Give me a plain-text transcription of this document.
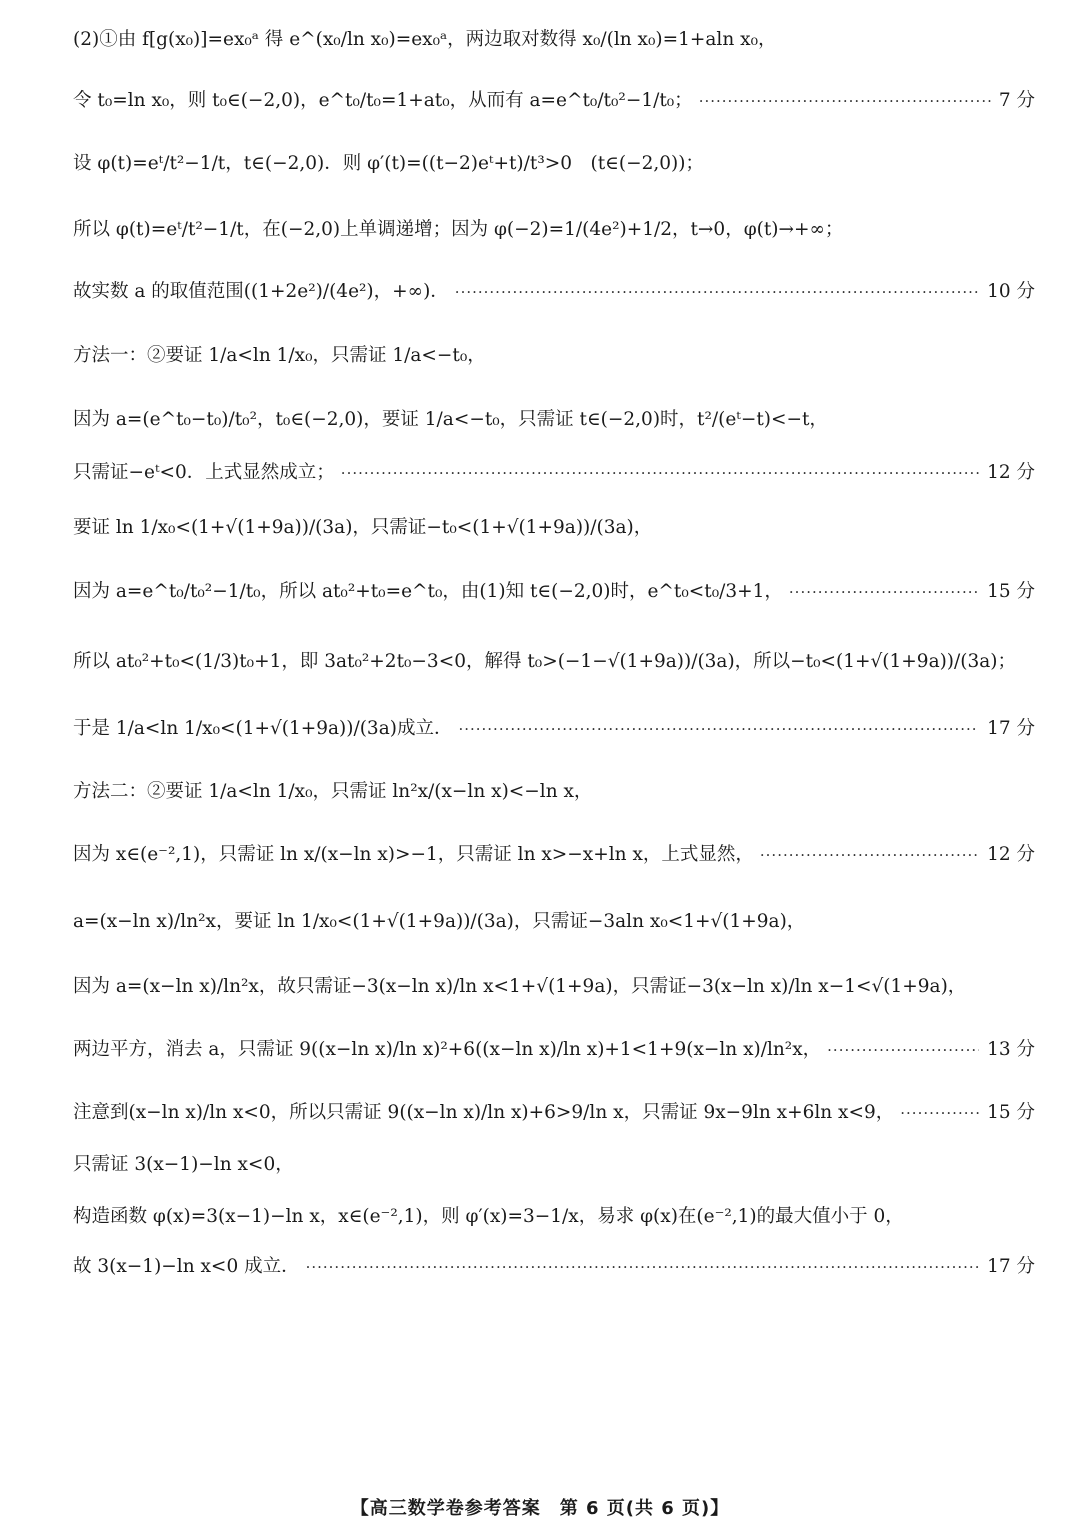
(2)①由 f[g(x₀)]=ex₀ᵃ 得 e^(x₀/ln x₀)=ex₀ᵃ，两边取对数得 x₀/(ln x₀)=1+aln x₀，
令 t₀=ln x₀，则 t₀∈(−2,0)，e^t₀/t₀=1+at₀，从而有 a=e^t₀/t₀²−1/t₀； ·····	7 分
设 φ(t)=eᵗ/t²−1/t，t∈(−2,0)．则 φ′(t)=((t−2)eᵗ+t)/t³>0　(t∈(−2,0))；
所以 φ(t)=eᵗ/t²−1/t，在(−2,0)上单调递增；因为 φ(−2)=1/(4e²)+1/2，t→0，φ(t)→+∞；
故实数 a 的取值范围((1+2e²)/(4e²)，+∞)． ·····	10 分
方法一：②要证 1/a<ln 1/x₀，只需证 1/a<−t₀，
因为 a=(e^t₀−t₀)/t₀²，t₀∈(−2,0)，要证 1/a<−t₀，只需证 t∈(−2,0)时，t²/(eᵗ−t)<−t，
只需证−eᵗ<0．上式显然成立； ·····	12 分
要证 ln 1/x₀<(1+√(1+9a))/(3a)，只需证−t₀<(1+√(1+9a))/(3a)，
因为 a=e^t₀/t₀²−1/t₀，所以 at₀²+t₀=e^t₀，由(1)知 t∈(−2,0)时，e^t₀<t₀/3+1， ·····	15 分
所以 at₀²+t₀<(1/3)t₀+1，即 3at₀²+2t₀−3<0，解得 t₀>(−1−√(1+9a))/(3a)，所以−t₀<(1+√(1+9a))/(3a)；
于是 1/a<ln 1/x₀<(1+√(1+9a))/(3a)成立． ·····	17 分
方法二：②要证 1/a<ln 1/x₀，只需证 ln²x/(x−ln x)<−ln x，
因为 x∈(e⁻²,1)，只需证 ln x/(x−ln x)>−1，只需证 ln x>−x+ln x，上式显然， ·····	12 分
a=(x−ln x)/ln²x，要证 ln 1/x₀<(1+√(1+9a))/(3a)，只需证−3aln x₀<1+√(1+9a)，
因为 a=(x−ln x)/ln²x，故只需证−3(x−ln x)/ln x<1+√(1+9a)，只需证−3(x−ln x)/ln x−1<√(1+9a)，
两边平方，消去 a，只需证 9((x−ln x)/ln x)²+6((x−ln x)/ln x)+1<1+9(x−ln x)/ln²x， ·····	13 分
注意到(x−ln x)/ln x<0，所以只需证 9((x−ln x)/ln x)+6>9/ln x，只需证 9x−9ln x+6ln x<9， ·····	15 分
只需证 3(x−1)−ln x<0，
构造函数 φ(x)=3(x−1)−ln x，x∈(e⁻²,1)，则 φ′(x)=3−1/x，易求 φ(x)在(e⁻²,1)的最大值小于 0，
故 3(x−1)−ln x<0 成立． ·····	17 分
【高三数学卷参考答案　第 6 页(共 6 页)】
